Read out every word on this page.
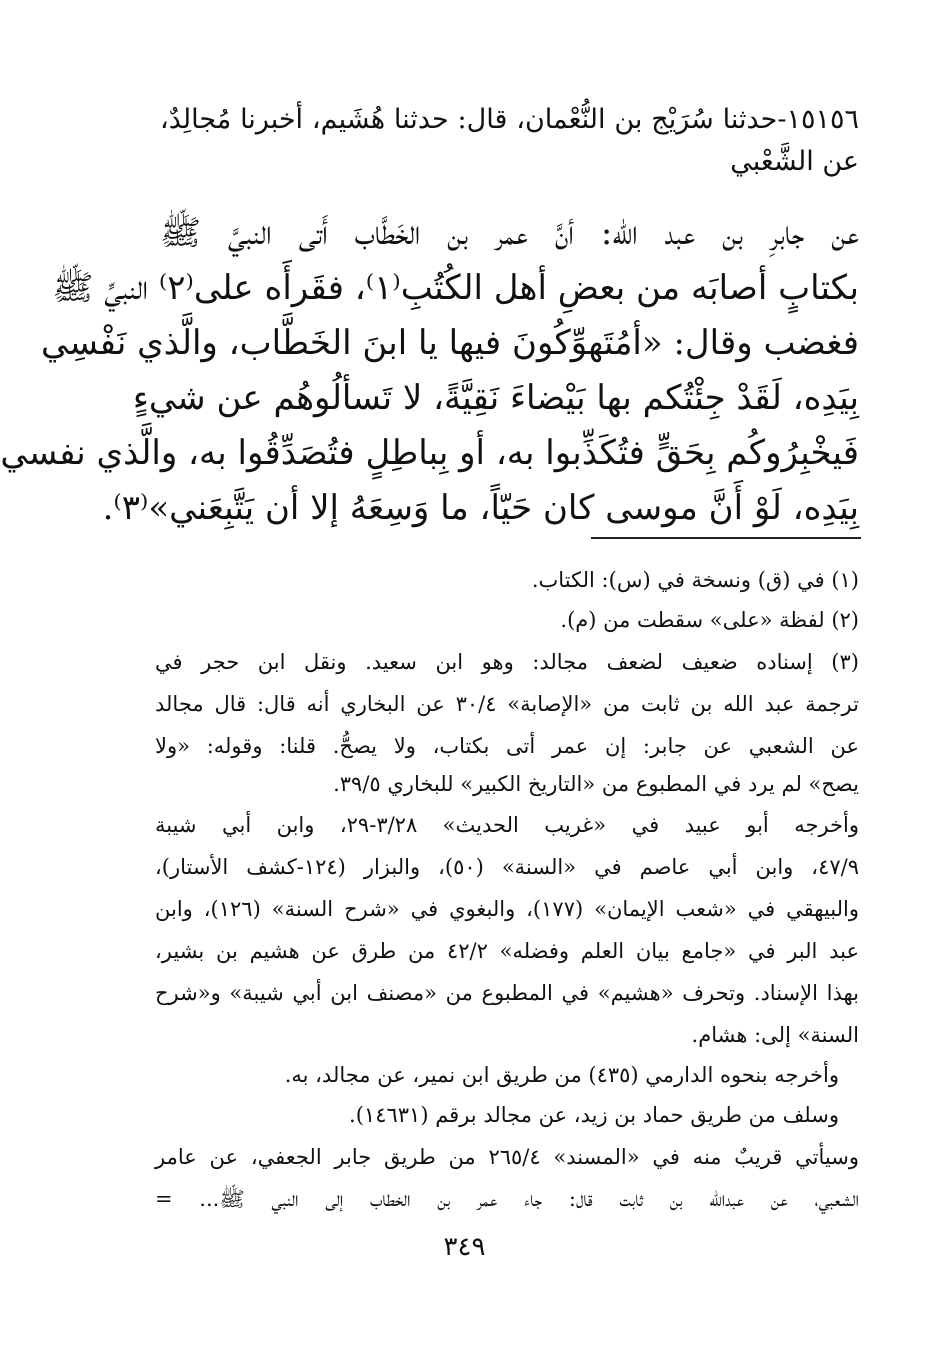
١٥١٥٦-حدثنا سُرَيْج بن النُّعْمان، قال: حدثنا هُشَيم، أخبرنا مُجالِدٌ،
عن الشَّعْبي
عن جابرِ بن عبد الله: أنَّ عمر بن الخَطَّاب أَتى النبيَّ ﷺ
بكتابٍ أصابَه من بعضِ أهل الكُتُبِ⁽١⁾، فقَرأَه على⁽٢⁾ النبيِّ ﷺ
فغضب وقال: «أمُتَهوِّكُونَ فيها يا ابنَ الخَطَّاب، والَّذي نَفْسِي
بِيَدِه، لَقَدْ جِئْتُكم بها بَيْضاءَ نَقِيَّةً، لا تَسألُوهُم عن شيءٍ
فَيخْبِرُوكُم بِحَقٍّ فتُكَذِّبوا به، أو بِباطِلٍ فتُصَدِّقُوا به، والَّذي نفسي
بِيَدِه، لَوْ أَنَّ موسى كان حَيّاً، ما وَسِعَهُ إلا أن يَتَّبِعَني»⁽٣⁾.
(١) في (ق) ونسخة في (س): الكتاب.
(٢) لفظة «على» سقطت من (م).
(٣) إسناده ضعيف لضعف مجالد: وهو ابن سعيد. ونقل ابن حجر في
ترجمة عبد الله بن ثابت من «الإصابة» ٣٠/٤ عن البخاري أنه قال: قال مجالد
عن الشعبي عن جابر: إن عمر أتى بكتاب، ولا يصحُّ. قلنا: وقوله: «ولا
يصح» لم يرد في المطبوع من «التاريخ الكبير» للبخاري ٣٩/٥.
وأخرجه أبو عبيد في «غريب الحديث» ٣/٢٨-٢٩، وابن أبي شيبة
٤٧/٩، وابن أبي عاصم في «السنة» (٥٠)، والبزار (١٢٤-كشف الأستار)،
والبيهقي في «شعب الإيمان» (١٧٧)، والبغوي في «شرح السنة» (١٢٦)، وابن
عبد البر في «جامع بيان العلم وفضله» ٤٢/٢ من طرق عن هشيم بن بشير،
بهذا الإسناد. وتحرف «هشيم» في المطبوع من «مصنف ابن أبي شيبة» و«شرح
السنة» إلى: هشام.
وأخرجه بنحوه الدارمي (٤٣٥) من طريق ابن نمير، عن مجالد، به.
وسلف من طريق حماد بن زيد، عن مجالد برقم (١٤٦٣١).
وسيأتي قريبٌ منه في «المسند» ٢٦٥/٤ من طريق جابر الجعفي، عن عامر
الشعبي، عن عبدالله بن ثابت قال: جاء عمر بن الخطاب إلى النبي ﷺ... =
٣٤٩
